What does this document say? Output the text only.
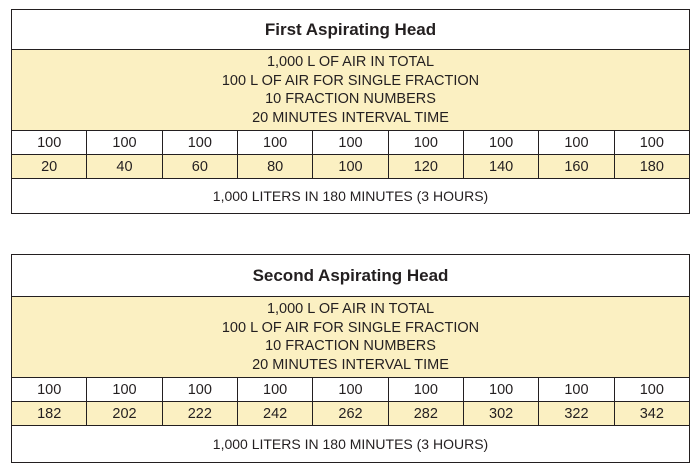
First Aspirating Head
1,000 L OF AIR IN TOTAL
100 L OF AIR FOR SINGLE FRACTION
10 FRACTION NUMBERS
20 MINUTES INTERVAL TIME
100	100	100	100	100	100	100	100	100
20	40	60	80	100	120	140	160	180
1,000 LITERS IN 180 MINUTES (3 HOURS)
Second Aspirating Head
1,000 L OF AIR IN TOTAL
100 L OF AIR FOR SINGLE FRACTION
10 FRACTION NUMBERS
20 MINUTES INTERVAL TIME
100	100	100	100	100	100	100	100	100
182	202	222	242	262	282	302	322	342
1,000 LITERS IN 180 MINUTES (3 HOURS)
